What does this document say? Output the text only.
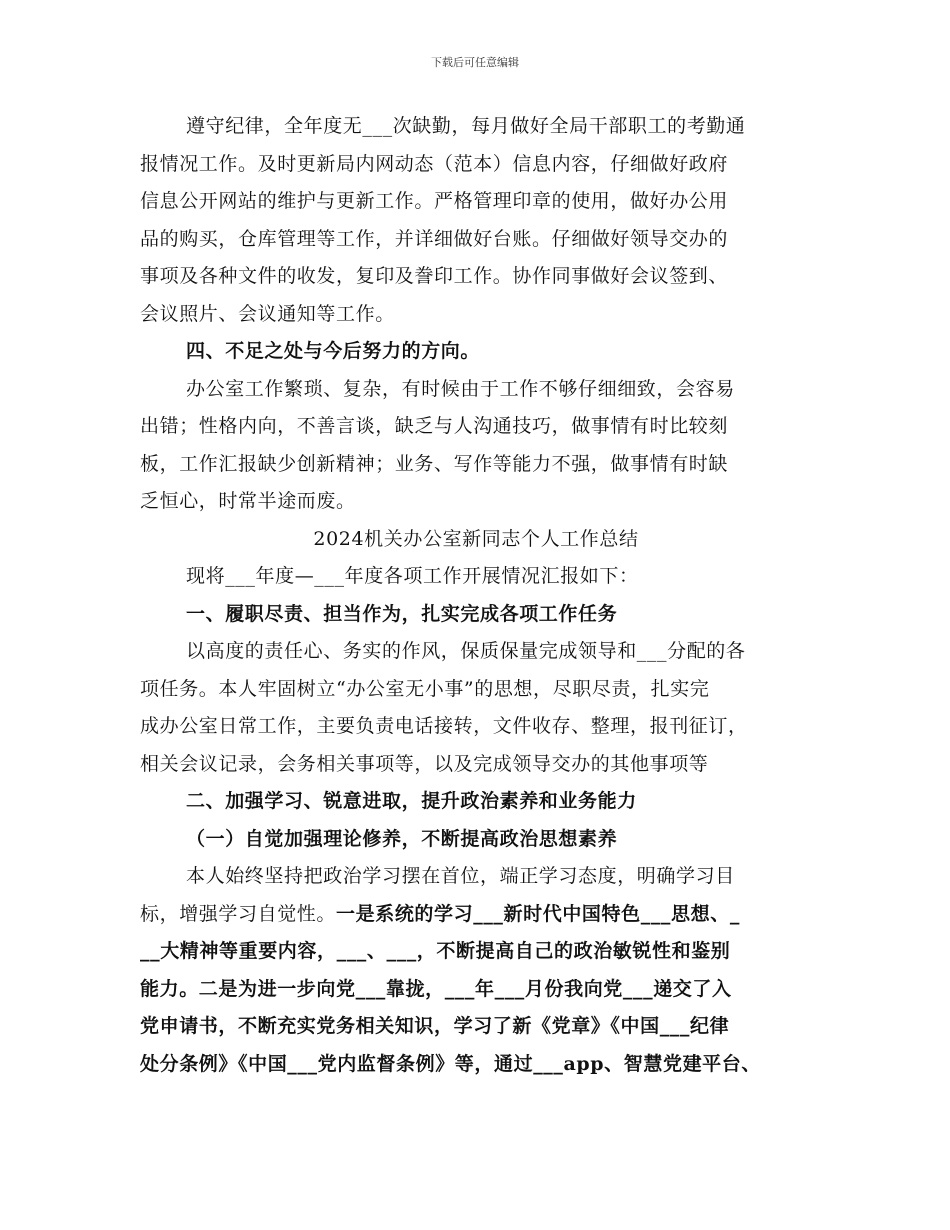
下载后可任意编辑
遵守纪律，全年度无___次缺勤，每月做好全局干部职工的考勤通
报情况工作。及时更新局内网动态（范本）信息内容，仔细做好政府
信息公开网站的维护与更新工作。严格管理印章的使用，做好办公用
品的购买，仓库管理等工作，并详细做好台账。仔细做好领导交办的
事项及各种文件的收发，复印及誊印工作。协作同事做好会议签到、
会议照片、会议通知等工作。
四、不足之处与今后努力的方向。
办公室工作繁琐、复杂，有时候由于工作不够仔细细致，会容易
出错；性格内向，不善言谈，缺乏与人沟通技巧，做事情有时比较刻
板，工作汇报缺少创新精神；业务、写作等能力不强，做事情有时缺
乏恒心，时常半途而废。
2024机关办公室新同志个人工作总结
现将___年度—___年度各项工作开展情况汇报如下：
一、履职尽责、担当作为，扎实完成各项工作任务
以高度的责任心、务实的作风，保质保量完成领导和___分配的各
项任务。本人牢固树立“办公室无小事”的思想，尽职尽责，扎实完
成办公室日常工作，主要负责电话接转，文件收存、整理，报刊征订，
相关会议记录，会务相关事项等，以及完成领导交办的其他事项等
二、加强学习、锐意进取，提升政治素养和业务能力
（一）自觉加强理论修养，不断提高政治思想素养
本人始终坚持把政治学习摆在首位，端正学习态度，明确学习目
标，增强学习自觉性。一是系统的学习___新时代中国特色___思想、_
__大精神等重要内容，___、___，不断提高自己的政治敏锐性和鉴别
能力。二是为进一步向党___靠拢，___年___月份我向党___递交了入
党申请书，不断充实党务相关知识，学习了新《党章》《中国___纪律
处分条例》《中国___党内监督条例》等，通过___app、智慧党建平台、
